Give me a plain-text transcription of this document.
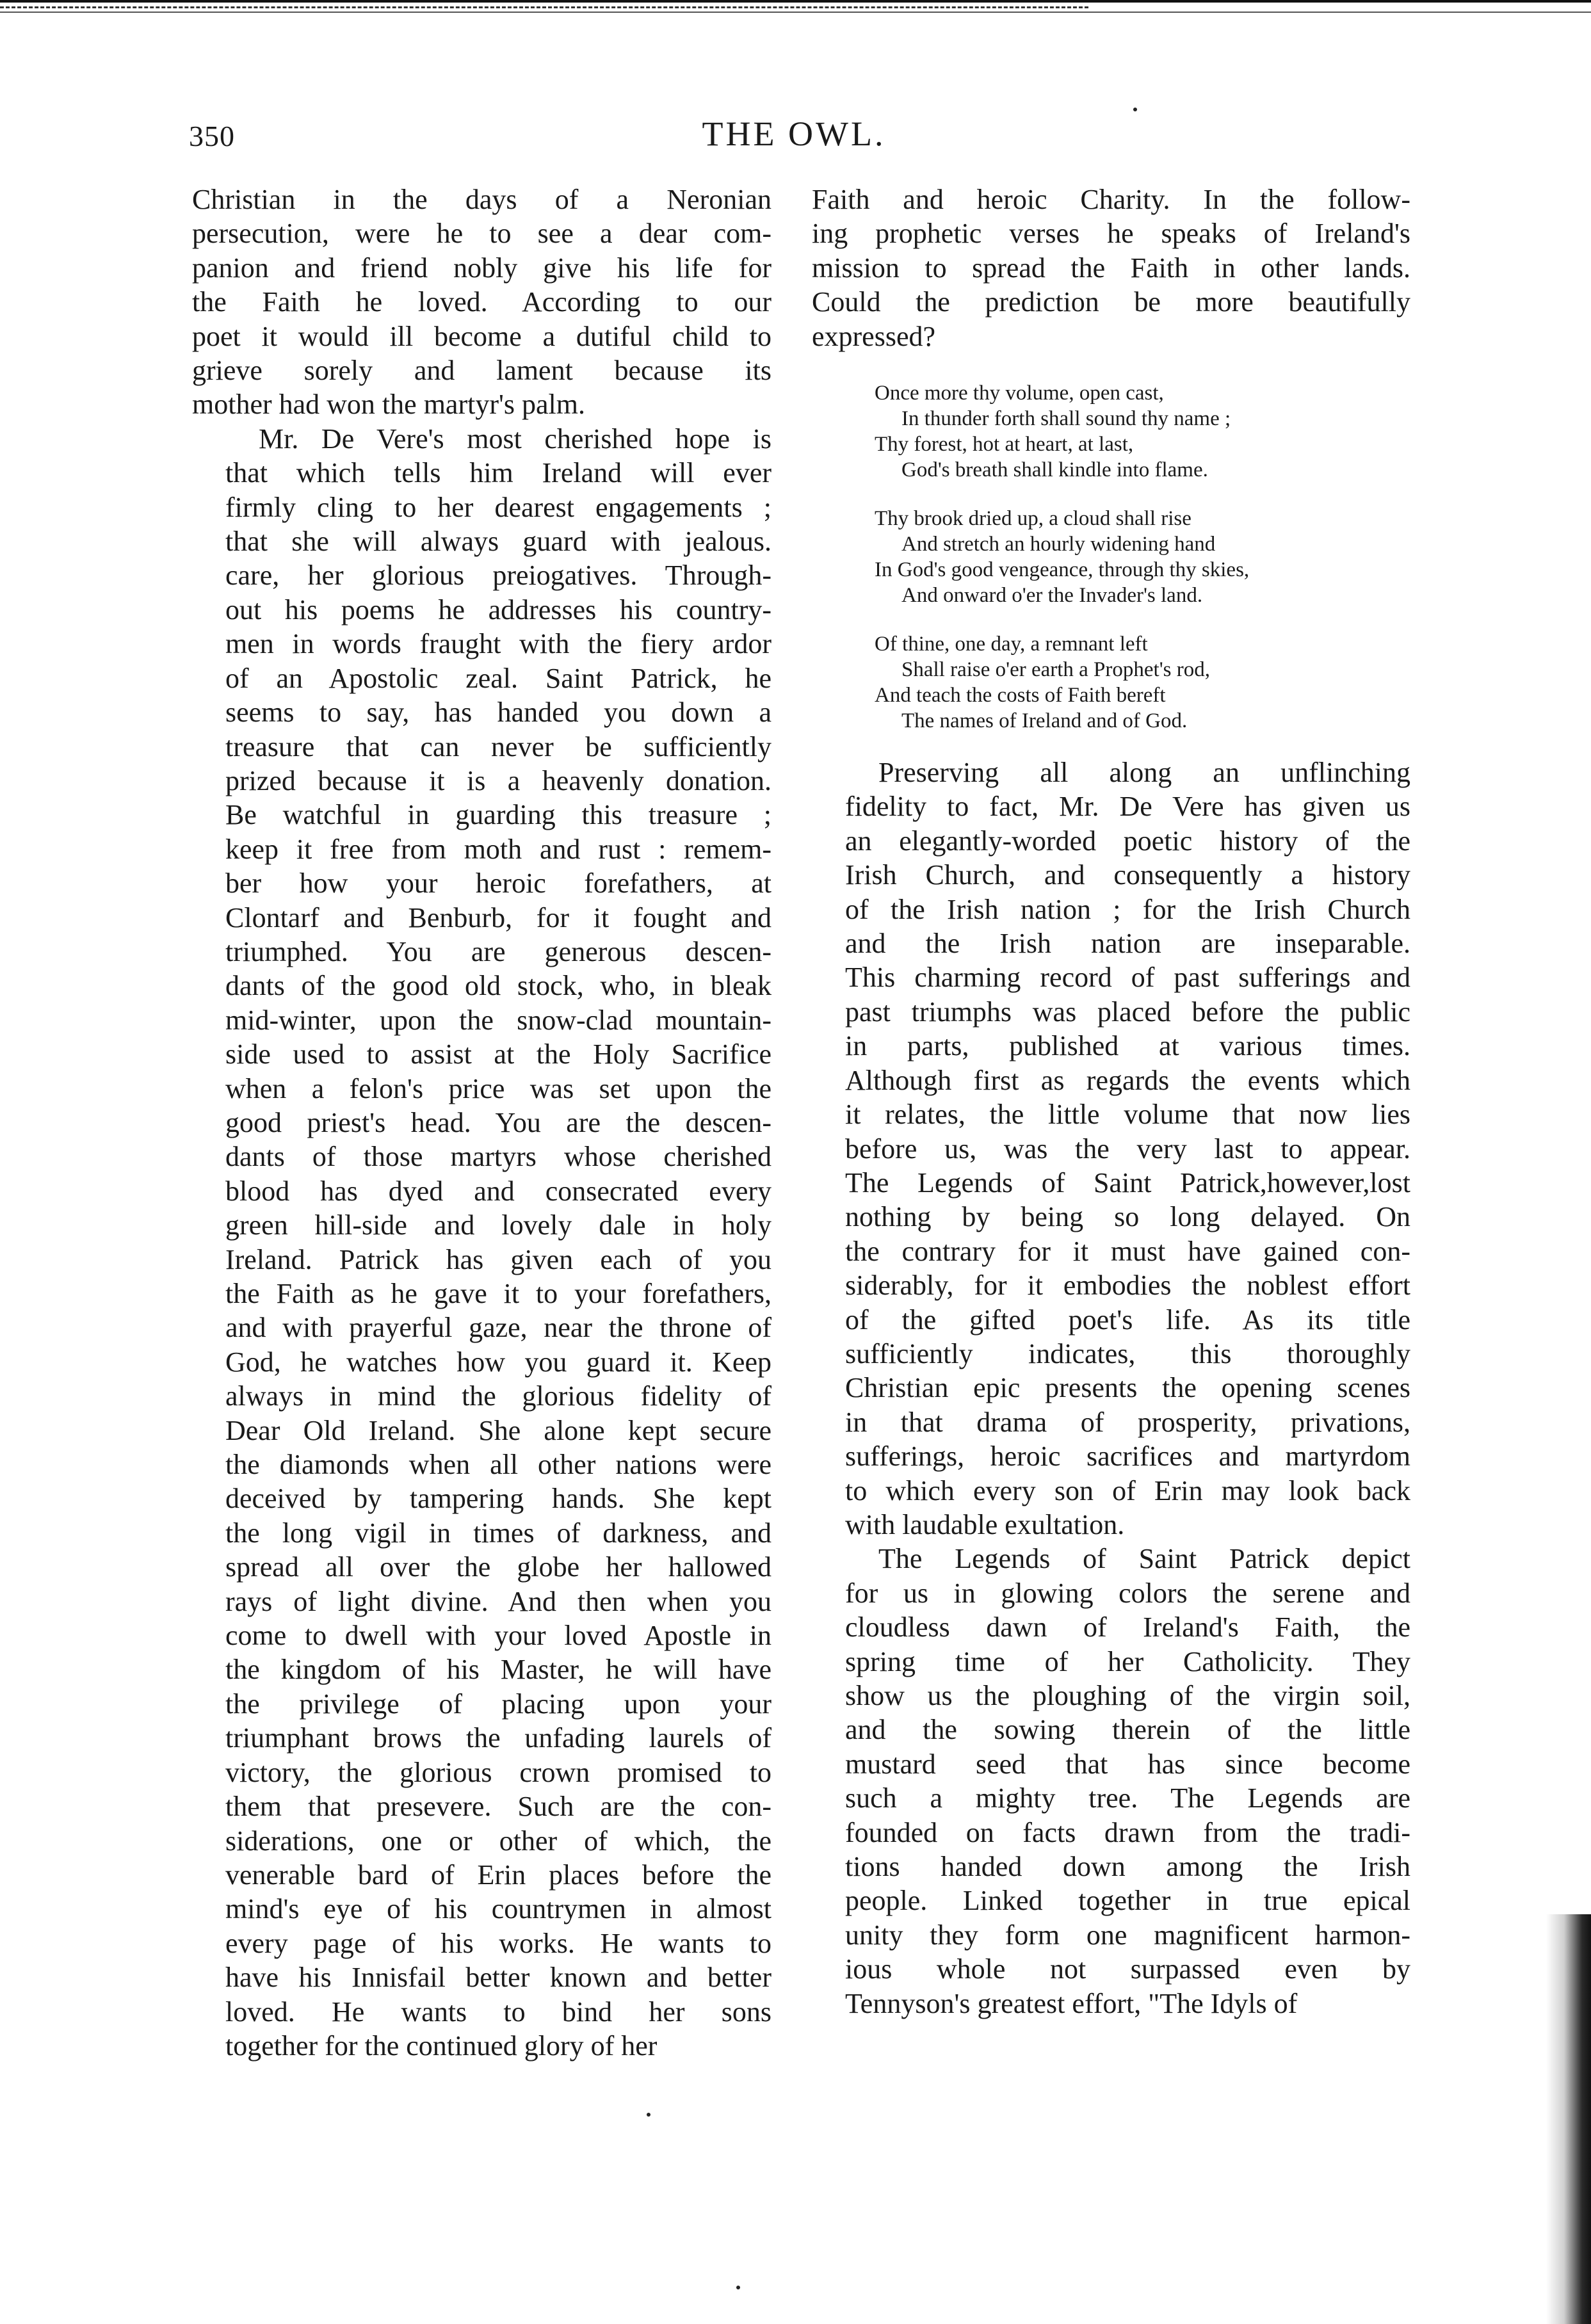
350	THE OWL.
Christian in the days of a Neronian
persecution, were he to see a dear com-
panion and friend nobly give his life for
the Faith he loved. According to our
poet it would ill become a dutiful child to
grieve sorely and lament because its
mother had won the martyr's palm.
Mr. De Vere's most cherished hope is
that which tells him Ireland will ever
firmly cling to her dearest engagements ;
that she will always guard with jealous.
care, her glorious preiogatives. Through-
out his poems he addresses his country-
men in words fraught with the fiery ardor
of an Apostolic zeal. Saint Patrick, he
seems to say, has handed you down a
treasure that can never be sufficiently
prized because it is a heavenly donation.
Be watchful in guarding this treasure ;
keep it free from moth and rust : remem-
ber how your heroic forefathers, at
Clontarf and Benburb, for it fought and
triumphed. You are generous descen-
dants of the good old stock, who, in bleak
mid-winter, upon the snow-clad mountain-
side used to assist at the Holy Sacrifice
when a felon's price was set upon the
good priest's head. You are the descen-
dants of those martyrs whose cherished
blood has dyed and consecrated every
green hill-side and lovely dale in holy
Ireland. Patrick has given each of you
the Faith as he gave it to your forefathers,
and with prayerful gaze, near the throne of
God, he watches how you guard it. Keep
always in mind the glorious fidelity of
Dear Old Ireland. She alone kept secure
the diamonds when all other nations were
deceived by tampering hands. She kept
the long vigil in times of darkness, and
spread all over the globe her hallowed
rays of light divine. And then when you
come to dwell with your loved Apostle in
the kingdom of his Master, he will have
the privilege of placing upon your
triumphant brows the unfading laurels of
victory, the glorious crown promised to
them that presevere. Such are the con-
siderations, one or other of which, the
venerable bard of Erin places before the
mind's eye of his countrymen in almost
every page of his works. He wants to
have his Innisfail better known and better
loved. He wants to bind her sons
together for the continued glory of her
Faith and heroic Charity. In the follow-
ing prophetic verses he speaks of Ireland's
mission to spread the Faith in other lands.
Could the prediction be more beautifully
expressed?
Once more thy volume, open cast,
In thunder forth shall sound thy name ;
Thy forest, hot at heart, at last,
God's breath shall kindle into flame.
Thy brook dried up, a cloud shall rise
And stretch an hourly widening hand
In God's good vengeance, through thy skies,
And onward o'er the Invader's land.
Of thine, one day, a remnant left
Shall raise o'er earth a Prophet's rod,
And teach the costs of Faith bereft
The names of Ireland and of God.
Preserving all along an unflinching
fidelity to fact, Mr. De Vere has given us
an elegantly-worded poetic history of the
Irish Church, and consequently a history
of the Irish nation ; for the Irish Church
and the Irish nation are inseparable.
This charming record of past sufferings and
past triumphs was placed before the public
in parts, published at various times.
Although first as regards the events which
it relates, the little volume that now lies
before us, was the very last to appear.
The Legends of Saint Patrick,however,lost
nothing by being so long delayed. On
the contrary for it must have gained con-
siderably, for it embodies the noblest effort
of the gifted poet's life. As its title
sufficiently indicates, this thoroughly
Christian epic presents the opening scenes
in that drama of prosperity, privations,
sufferings, heroic sacrifices and martyrdom
to which every son of Erin may look back
with laudable exultation.
The Legends of Saint Patrick depict
for us in glowing colors the serene and
cloudless dawn of Ireland's Faith, the
spring time of her Catholicity. They
show us the ploughing of the virgin soil,
and the sowing therein of the little
mustard seed that has since become
such a mighty tree. The Legends are
founded on facts drawn from the tradi-
tions handed down among the Irish
people. Linked together in true epical
unity they form one magnificent harmon-
ious whole not surpassed even by
Tennyson's greatest effort, "The Idyls of
